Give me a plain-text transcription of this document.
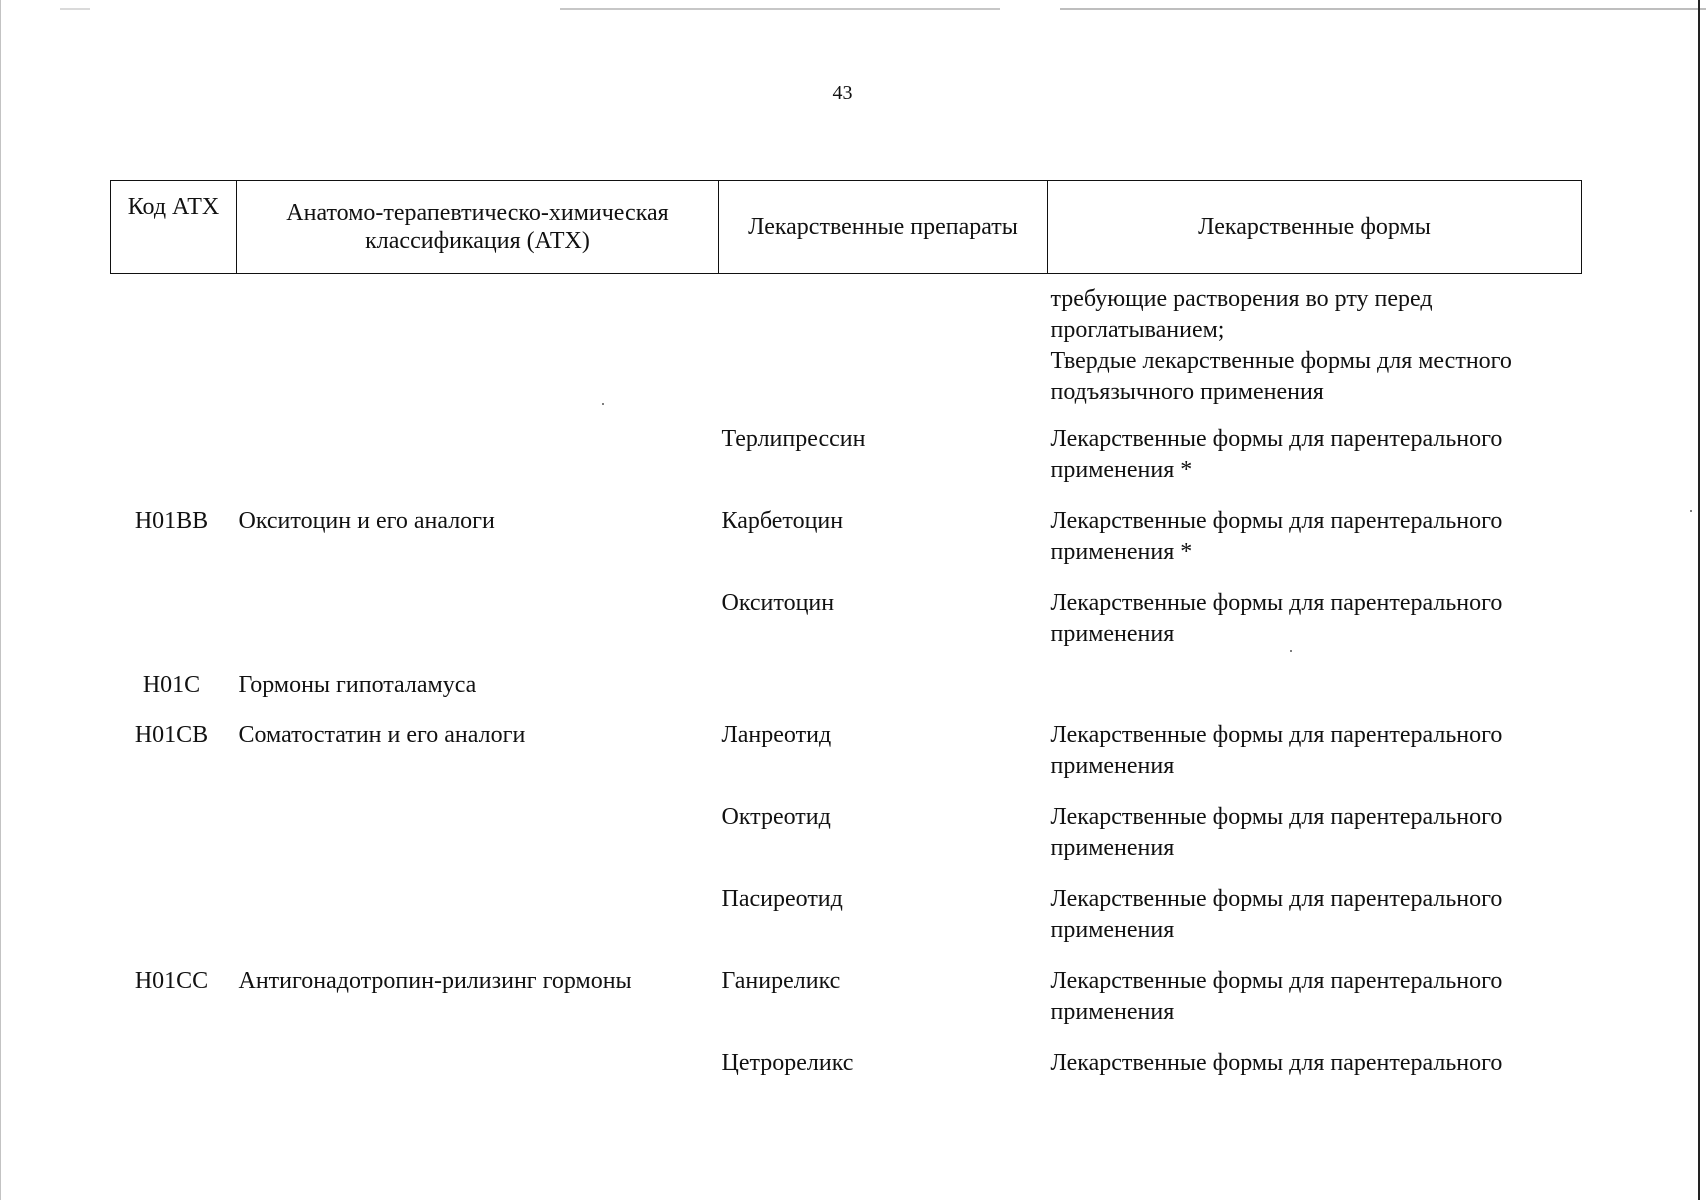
43
Код АТХ	Анатомо-терапевтическо-химическая классификация (АТХ)	Лекарственные препараты	Лекарственные формы

			требующие растворения во рту перед проглатыванием;
Твердые лекарственные формы для местного подъязычного применения

		Терлипрессин	Лекарственные формы для парентерального применения *
H01BB	Окситоцин и его аналоги	Карбетоцин	Лекарственные формы для парентерального применения *
		Окситоцин	Лекарственные формы для парентерального применения
H01C	Гормоны гипоталамуса		
H01CB	Соматостатин и его аналоги	Ланреотид	Лекарственные формы для парентерального применения
		Октреотид	Лекарственные формы для парентерального применения
		Пасиреотид	Лекарственные формы для парентерального применения
H01CC	Антигонадотропин-рилизинг гормоны	Ганиреликс	Лекарственные формы для парентерального применения
		Цетрореликс	Лекарственные формы для парентерального
